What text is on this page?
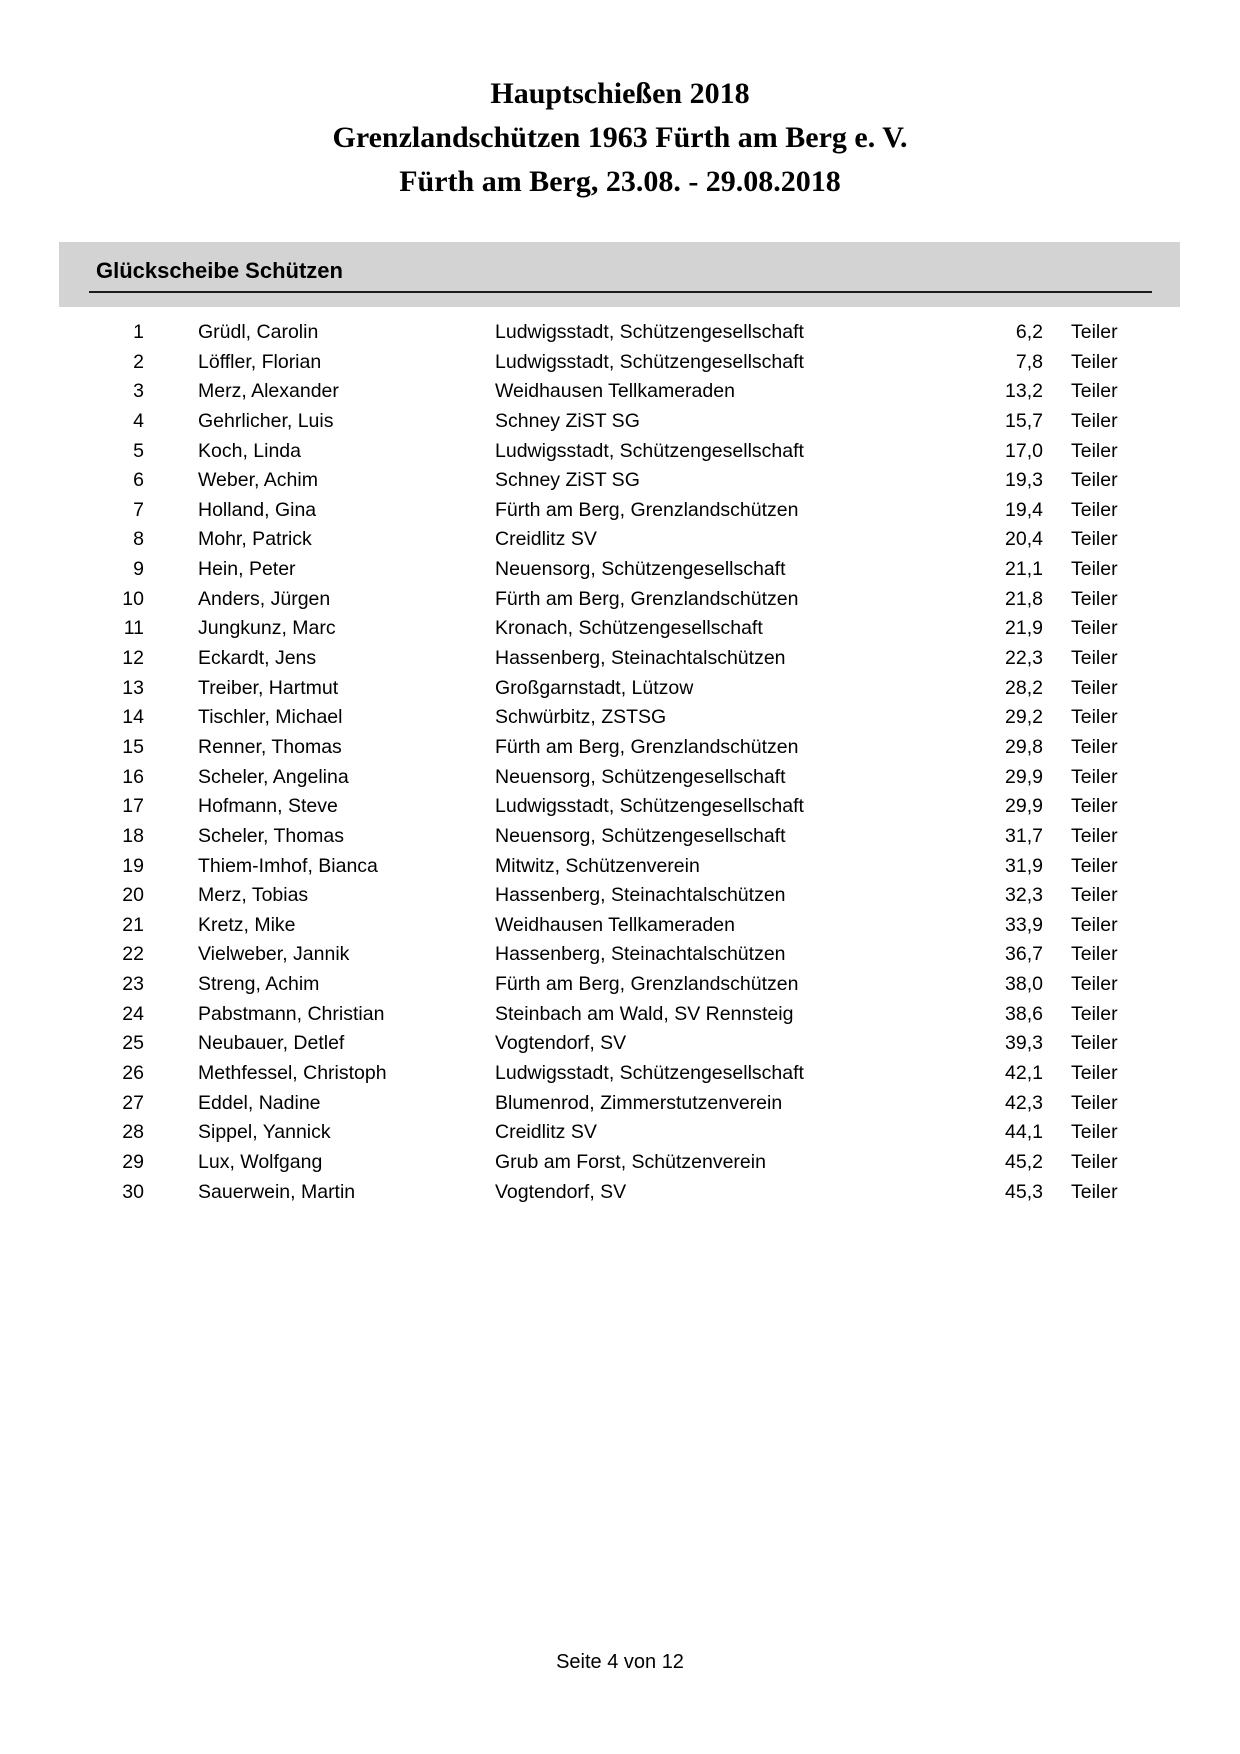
Hauptschießen 2018
Grenzlandschützen 1963 Fürth am Berg e. V.
Fürth am Berg, 23.08. - 29.08.2018
Glückscheibe Schützen
1	Grüdl, Carolin	Ludwigsstadt, Schützengesellschaft	6,2 Teiler
2	Löffler, Florian	Ludwigsstadt, Schützengesellschaft	7,8 Teiler
3	Merz, Alexander	Weidhausen Tellkameraden	13,2 Teiler
4	Gehrlicher, Luis	Schney ZiST SG	15,7 Teiler
5	Koch, Linda	Ludwigsstadt, Schützengesellschaft	17,0 Teiler
6	Weber, Achim	Schney ZiST SG	19,3 Teiler
7	Holland, Gina	Fürth am Berg, Grenzlandschützen	19,4 Teiler
8	Mohr, Patrick	Creidlitz SV	20,4 Teiler
9	Hein, Peter	Neuensorg, Schützengesellschaft	21,1 Teiler
10	Anders, Jürgen	Fürth am Berg, Grenzlandschützen	21,8 Teiler
11	Jungkunz, Marc	Kronach, Schützengesellschaft	21,9 Teiler
12	Eckardt, Jens	Hassenberg, Steinachtalschützen	22,3 Teiler
13	Treiber, Hartmut	Großgarnstadt, Lützow	28,2 Teiler
14	Tischler, Michael	Schwürbitz, ZSTSG	29,2 Teiler
15	Renner, Thomas	Fürth am Berg, Grenzlandschützen	29,8 Teiler
16	Scheler, Angelina	Neuensorg, Schützengesellschaft	29,9 Teiler
17	Hofmann, Steve	Ludwigsstadt, Schützengesellschaft	29,9 Teiler
18	Scheler, Thomas	Neuensorg, Schützengesellschaft	31,7 Teiler
19	Thiem-Imhof, Bianca	Mitwitz, Schützenverein	31,9 Teiler
20	Merz, Tobias	Hassenberg, Steinachtalschützen	32,3 Teiler
21	Kretz, Mike	Weidhausen Tellkameraden	33,9 Teiler
22	Vielweber, Jannik	Hassenberg, Steinachtalschützen	36,7 Teiler
23	Streng, Achim	Fürth am Berg, Grenzlandschützen	38,0 Teiler
24	Pabstmann, Christian	Steinbach am Wald, SV Rennsteig	38,6 Teiler
25	Neubauer, Detlef	Vogtendorf, SV	39,3 Teiler
26	Methfessel, Christoph	Ludwigsstadt, Schützengesellschaft	42,1 Teiler
27	Eddel, Nadine	Blumenrod, Zimmerstutzenverein	42,3 Teiler
28	Sippel, Yannick	Creidlitz SV	44,1 Teiler
29	Lux, Wolfgang	Grub am Forst, Schützenverein	45,2 Teiler
30	Sauerwein, Martin	Vogtendorf, SV	45,3 Teiler
Seite 4 von 12
